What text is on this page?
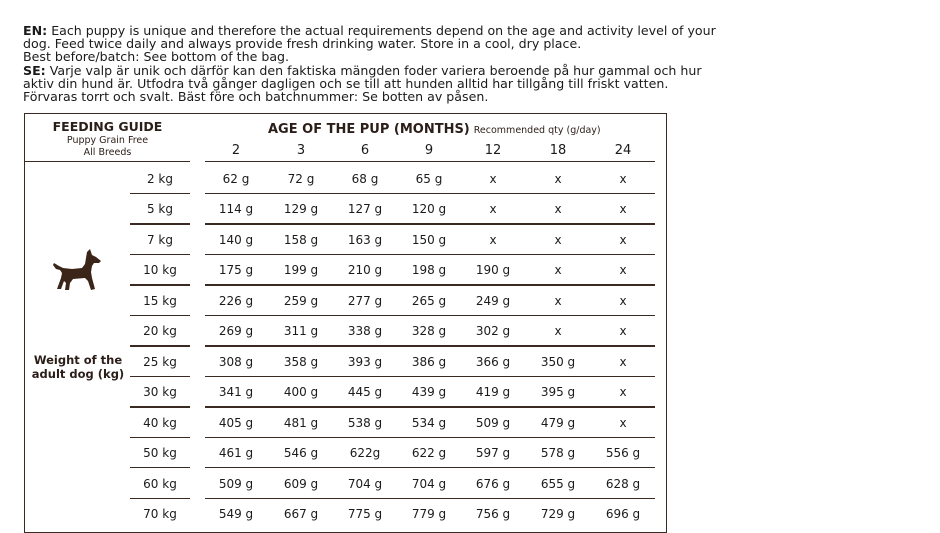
EN: Each puppy is unique and therefore the actual requirements depend on the age and activity level of your

dog. Feed twice daily and always provide fresh drinking water. Store in a cool, dry place.

Best before/batch: See bottom of the bag.

SE: Varje valp är unik och därför kan den faktiska mängden foder variera beroende på hur gammal och hur

aktiv din hund är. Utfodra två gånger dagligen och se till att hunden alltid har tillgång till friskt vatten.

Förvaras torrt och svalt. Bäst före och batchnummer: Se botten av påsen.

FEEDING GUIDE
Puppy Grain Free
All Breeds
AGE OF THE PUP (MONTHS) Recommended qty (g/day)
2	3	6	9	12	18	24
2 kg	62 g	72 g	68 g	65 g	x	x	x
5 kg	114 g	129 g	127 g	120 g	x	x	x
7 kg	140 g	158 g	163 g	150 g	x	x	x
10 kg	175 g	199 g	210 g	198 g	190 g	x	x
15 kg	226 g	259 g	277 g	265 g	249 g	x	x
20 kg	269 g	311 g	338 g	328 g	302 g	x	x
25 kg	308 g	358 g	393 g	386 g	366 g	350 g	x
30 kg	341 g	400 g	445 g	439 g	419 g	395 g	x
40 kg	405 g	481 g	538 g	534 g	509 g	479 g	x
50 kg	461 g	546 g	622g	622 g	597 g	578 g	556 g
60 kg	509 g	609 g	704 g	704 g	676 g	655 g	628 g
70 kg	549 g	667 g	775 g	779 g	756 g	729 g	696 g
Weight of the
adult dog (kg)
